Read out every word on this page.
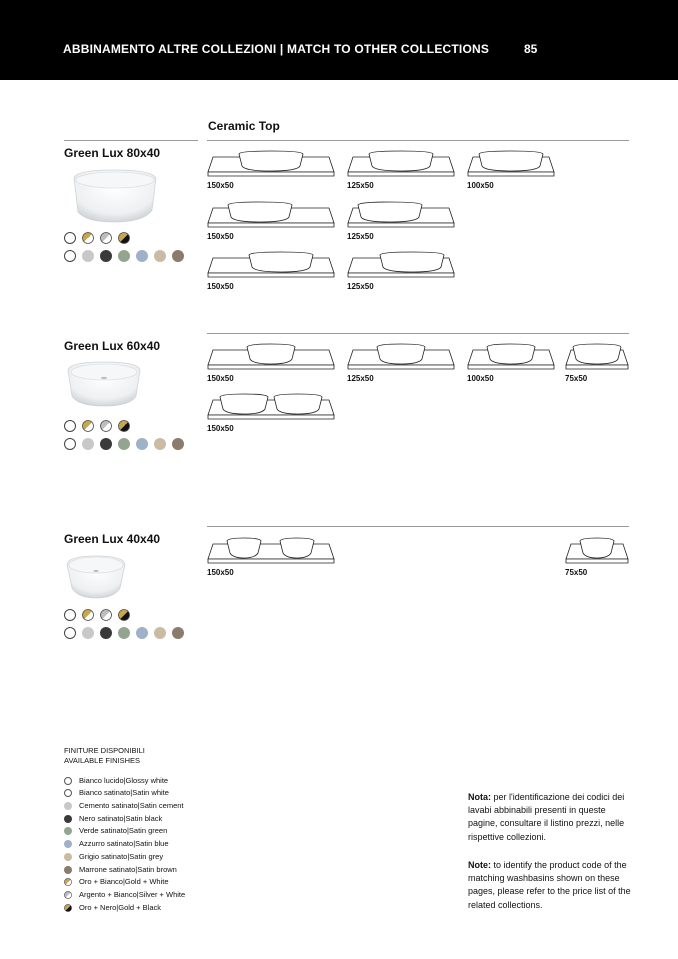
ABBINAMENTO ALTRE COLLEZIONI | MATCH TO OTHER COLLECTIONS	85
Ceramic Top
Green Lux 80x40
150x50	125x50	100x50
150x50	125x50
150x50	125x50
Green Lux 60x40
150x50	125x50	100x50	75x50
150x50
Green Lux 40x40
150x50	75x50
FINITURE DISPONIBILI
AVAILABLE FINISHES
Bianco lucido|Glossy white
Bianco satinato|Satin white
Cemento satinato|Satin cement
Nero satinato|Satin black
Verde satinato|Satin green
Azzurro satinato|Satin blue
Grigio satinato|Satin grey
Marrone satinato|Satin brown
Oro + Bianco|Gold + White
Argento + Bianco|Silver + White
Oro + Nero|Gold + Black
Nota: per l'identificazione dei codici dei lavabi abbinabili presenti in queste pagine, consultare il listino prezzi, nelle rispettive collezioni.
Note: to identify the product code of the matching washbasins shown on these pages, please refer to the price list of the related collections.
